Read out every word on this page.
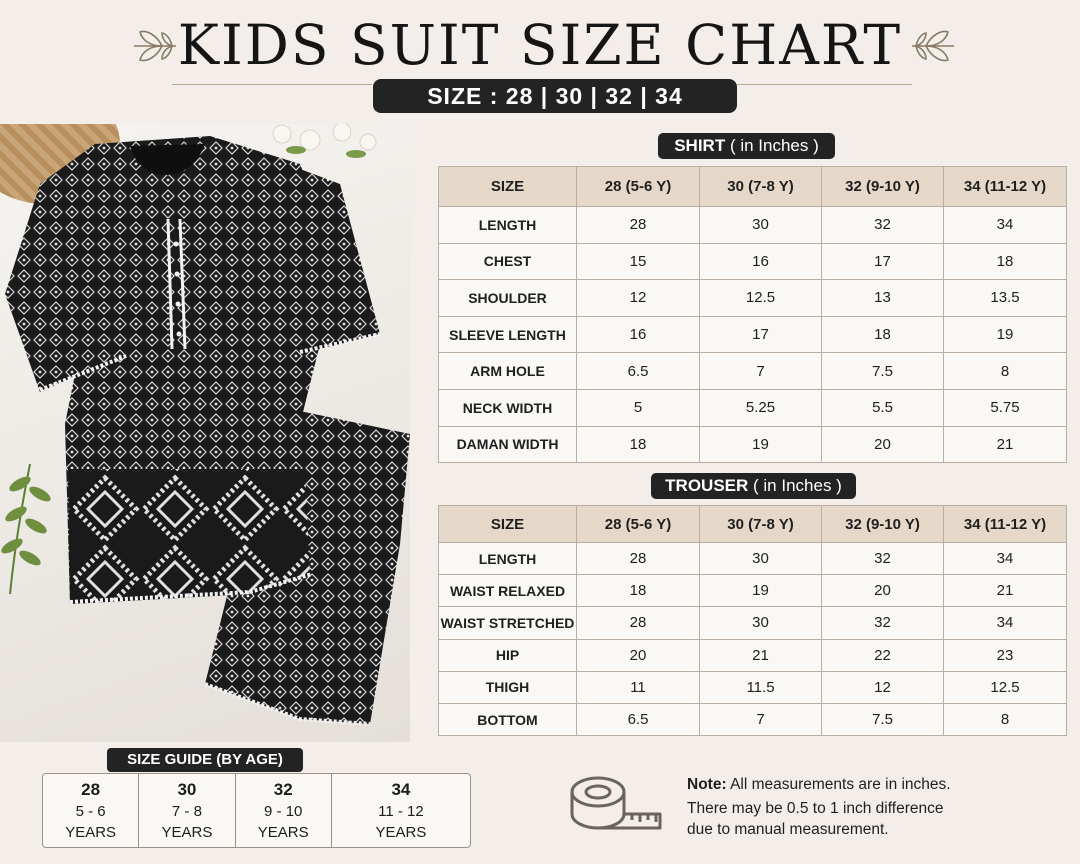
KIDS SUIT SIZE CHART
SIZE : 28 | 30 | 32 | 34
SHIRT ( in Inches )
SIZE	28 (5-6 Y)	30 (7-8 Y)	32 (9-10 Y)	34 (11-12 Y)
LENGTH	28	30	32	34
CHEST	15	16	17	18
SHOULDER	12	12.5	13	13.5
SLEEVE LENGTH	16	17	18	19
ARM HOLE	6.5	7	7.5	8
NECK WIDTH	5	5.25	5.5	5.75
DAMAN WIDTH	18	19	20	21
TROUSER ( in Inches )
SIZE	28 (5-6 Y)	30 (7-8 Y)	32 (9-10 Y)	34 (11-12 Y)
LENGTH	28	30	32	34
WAIST RELAXED	18	19	20	21
WAIST STRETCHED	28	30	32	34
HIP	20	21	22	23
THIGH	11	11.5	12	12.5
BOTTOM	6.5	7	7.5	8
SIZE GUIDE (BY AGE)
28
5 - 6
YEARS
30
7 - 8
YEARS
32
9 - 10
YEARS
34
11 - 12
YEARS
Note: All measurements are in inches.
There may be 0.5 to 1 inch difference
due to manual measurement.
